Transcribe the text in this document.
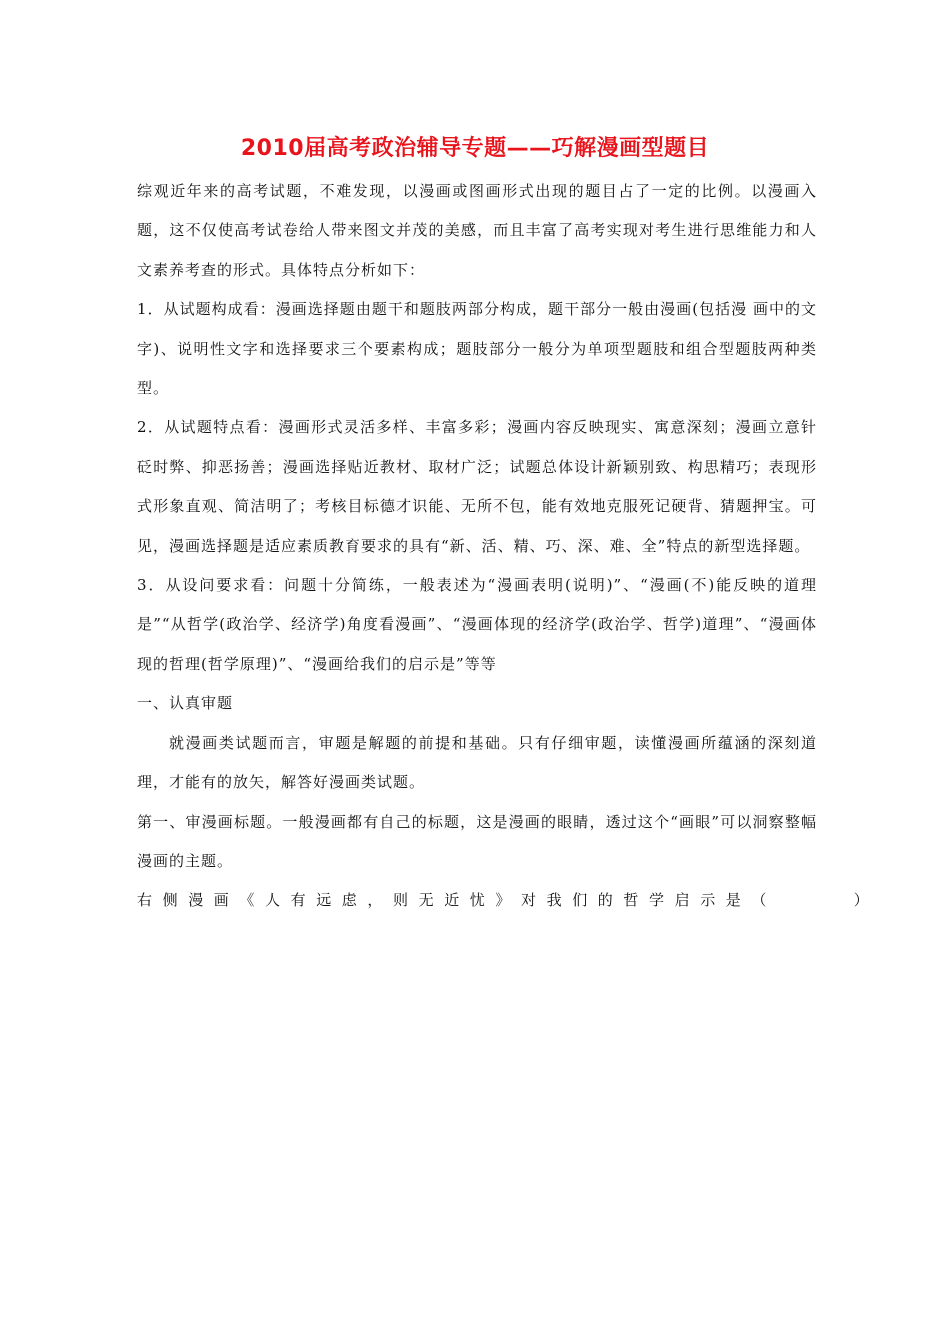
2010届高考政治辅导专题——巧解漫画型题目

综观近年来的高考试题，不难发现，以漫画或图画形式出现的题目占了一定的比例。以漫画入题，这不仅使高考试卷给人带来图文并茂的美感，而且丰富了高考实现对考生进行思维能力和人文素养考查的形式。具体特点分析如下：

1．从试题构成看：漫画选择题由题干和题肢两部分构成，题干部分一般由漫画(包括漫 画中的文字)、说明性文字和选择要求三个要素构成；题肢部分一般分为单项型题肢和组合型题肢两种类型。

2．从试题特点看：漫画形式灵活多样、丰富多彩；漫画内容反映现实、寓意深刻；漫画立意针砭时弊、抑恶扬善；漫画选择贴近教材、取材广泛；试题总体设计新颖别致、构思精巧；表现形式形象直观、简洁明了；考核目标德才识能、无所不包，能有效地克服死记硬背、猜题押宝。可见，漫画选择题是适应素质教育要求的具有“新、活、精、巧、深、难、全”特点的新型选择题。

3．从设问要求看：问题十分简练，一般表述为“漫画表明(说明)”、“漫画(不)能反映的道理是”“从哲学(政治学、经济学)角度看漫画”、“漫画体现的经济学(政治学、哲学)道理”、“漫画体现的哲理(哲学原理)”、“漫画给我们的启示是”等等

一、认真审题

就漫画类试题而言，审题是解题的前提和基础。只有仔细审题，读懂漫画所蕴涵的深刻道理，才能有的放矢，解答好漫画类试题。

第一、审漫画标题。一般漫画都有自己的标题，这是漫画的眼睛，透过这个“画眼”可以洞察整幅漫画的主题。

右侧漫画《人有远虑，则无近忧》对我们的哲学启示是（　　　）
